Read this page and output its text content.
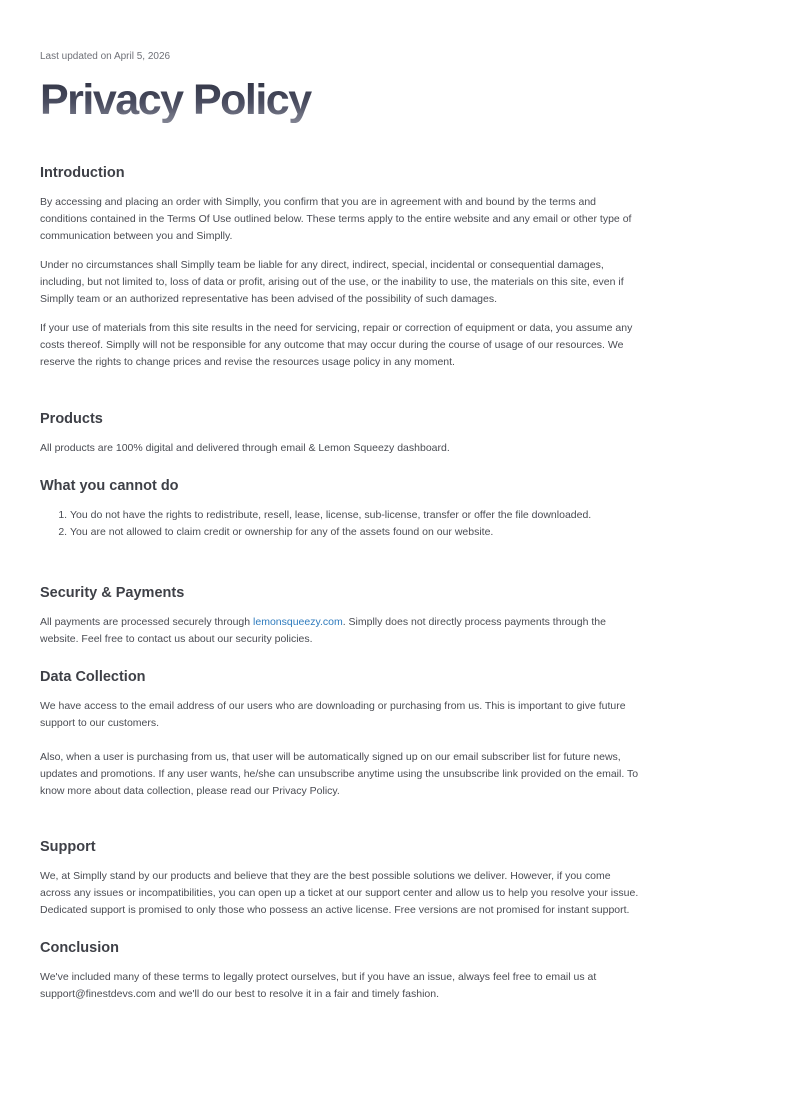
Last updated on April 5, 2026

Privacy Policy
Introduction

By accessing and placing an order with Simplly, you confirm that you are in agreement with and bound by the terms and conditions contained in the Terms Of Use outlined below. These terms apply to the entire website and any email or other type of communication between you and Simplly.

Under no circumstances shall Simplly team be liable for any direct, indirect, special, incidental or consequential damages, including, but not limited to, loss of data or profit, arising out of the use, or the inability to use, the materials on this site, even if Simplly team or an authorized representative has been advised of the possibility of such damages.

If your use of materials from this site results in the need for servicing, repair or correction of equipment or data, you assume any costs thereof. Simplly will not be responsible for any outcome that may occur during the course of usage of our resources. We reserve the rights to change prices and revise the resources usage policy in any moment.

Products

All products are 100% digital and delivered through email & Lemon Squeezy dashboard.

What you cannot do
1. You do not have the rights to redistribute, resell, lease, license, sub-license, transfer or offer the file downloaded.
2. You are not allowed to claim credit or ownership for any of the assets found on our website.
Security & Payments

All payments are processed securely through lemonsqueezy.com. Simplly does not directly process payments through the website. Feel free to contact us about our security policies.

Data Collection

We have access to the email address of our users who are downloading or purchasing from us. This is important to give future support to our customers.

Also, when a user is purchasing from us, that user will be automatically signed up on our email subscriber list for future news, updates and promotions. If any user wants, he/she can unsubscribe anytime using the unsubscribe link provided on the email. To know more about data collection, please read our Privacy Policy.

Support

We, at Simplly stand by our products and believe that they are the best possible solutions we deliver. However, if you come across any issues or incompatibilities, you can open up a ticket at our support center and allow us to help you resolve your issue. Dedicated support is promised to only those who possess an active license. Free versions are not promised for instant support.

Conclusion

We've included many of these terms to legally protect ourselves, but if you have an issue, always feel free to email us at support@finestdevs.com and we'll do our best to resolve it in a fair and timely fashion.
